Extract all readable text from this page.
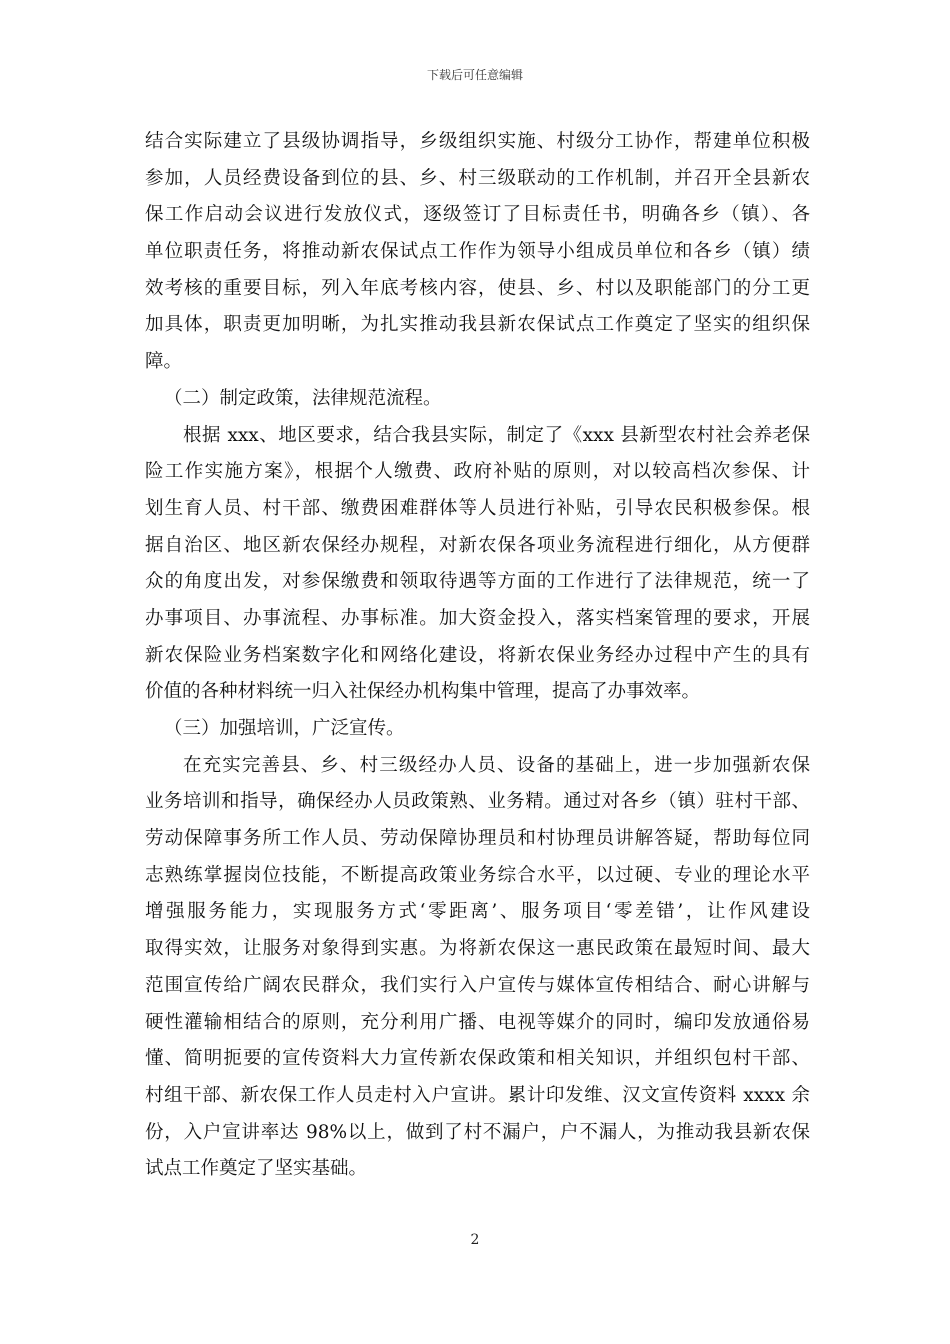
下载后可任意编辑
结合实际建立了县级协调指导，乡级组织实施、村级分工协作，帮建单位积极
参加，人员经费设备到位的县、乡、村三级联动的工作机制，并召开全县新农
保工作启动会议进行发放仪式，逐级签订了目标责任书，明确各乡（镇）、各
单位职责任务，将推动新农保试点工作作为领导小组成员单位和各乡（镇）绩
效考核的重要目标，列入年底考核内容，使县、乡、村以及职能部门的分工更
加具体，职责更加明晰，为扎实推动我县新农保试点工作奠定了坚实的组织保
障。
（二）制定政策，法律规范流程。
根据 xxx、地区要求，结合我县实际，制定了《xxx 县新型农村社会养老保
险工作实施方案》，根据个人缴费、政府补贴的原则，对以较高档次参保、计
划生育人员、村干部、缴费困难群体等人员进行补贴，引导农民积极参保。根
据自治区、地区新农保经办规程，对新农保各项业务流程进行细化，从方便群
众的角度出发，对参保缴费和领取待遇等方面的工作进行了法律规范，统一了
办事项目、办事流程、办事标准。加大资金投入，落实档案管理的要求，开展
新农保险业务档案数字化和网络化建设，将新农保业务经办过程中产生的具有
价值的各种材料统一归入社保经办机构集中管理，提高了办事效率。
（三）加强培训，广泛宣传。
在充实完善县、乡、村三级经办人员、设备的基础上，进一步加强新农保
业务培训和指导，确保经办人员政策熟、业务精。通过对各乡（镇）驻村干部、
劳动保障事务所工作人员、劳动保障协理员和村协理员讲解答疑，帮助每位同
志熟练掌握岗位技能，不断提高政策业务综合水平，以过硬、专业的理论水平
增强服务能力，实现服务方式‘零距离’、服务项目‘零差错’，让作风建设
取得实效，让服务对象得到实惠。为将新农保这一惠民政策在最短时间、最大
范围宣传给广阔农民群众，我们实行入户宣传与媒体宣传相结合、耐心讲解与
硬性灌输相结合的原则，充分利用广播、电视等媒介的同时，编印发放通俗易
懂、简明扼要的宣传资料大力宣传新农保政策和相关知识，并组织包村干部、
村组干部、新农保工作人员走村入户宣讲。累计印发维、汉文宣传资料 xxxx 余
份，入户宣讲率达 98%以上，做到了村不漏户，户不漏人，为推动我县新农保
试点工作奠定了坚实基础。
2
